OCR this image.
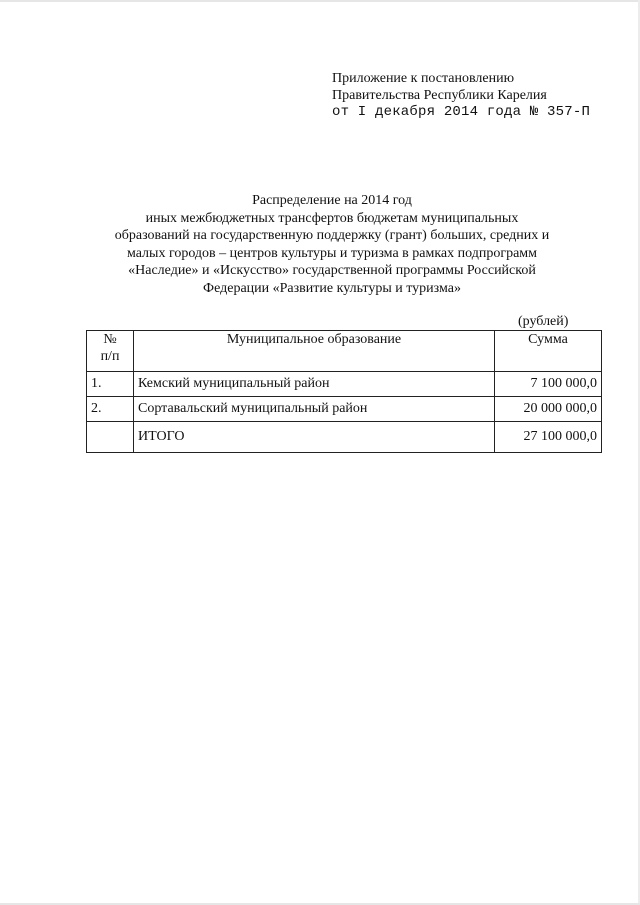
Приложение к постановлению
Правительства Республики Карелия
от I декабря 2014 года № 357-П
Распределение на 2014 год
иных межбюджетных трансфертов бюджетам муниципальных
образований на государственную поддержку (грант) больших, средних и
малых городов – центров культуры и туризма в рамках подпрограмм
«Наследие» и «Искусство» государственной программы Российской
Федерации «Развитие культуры и туризма»
(рублей)
№
п/п	Муниципальное образование	Сумма
1.	Кемский муниципальный район	7 100 000,0
2.	Сортавальский муниципальный район	20 000 000,0
	ИТОГО	27 100 000,0
